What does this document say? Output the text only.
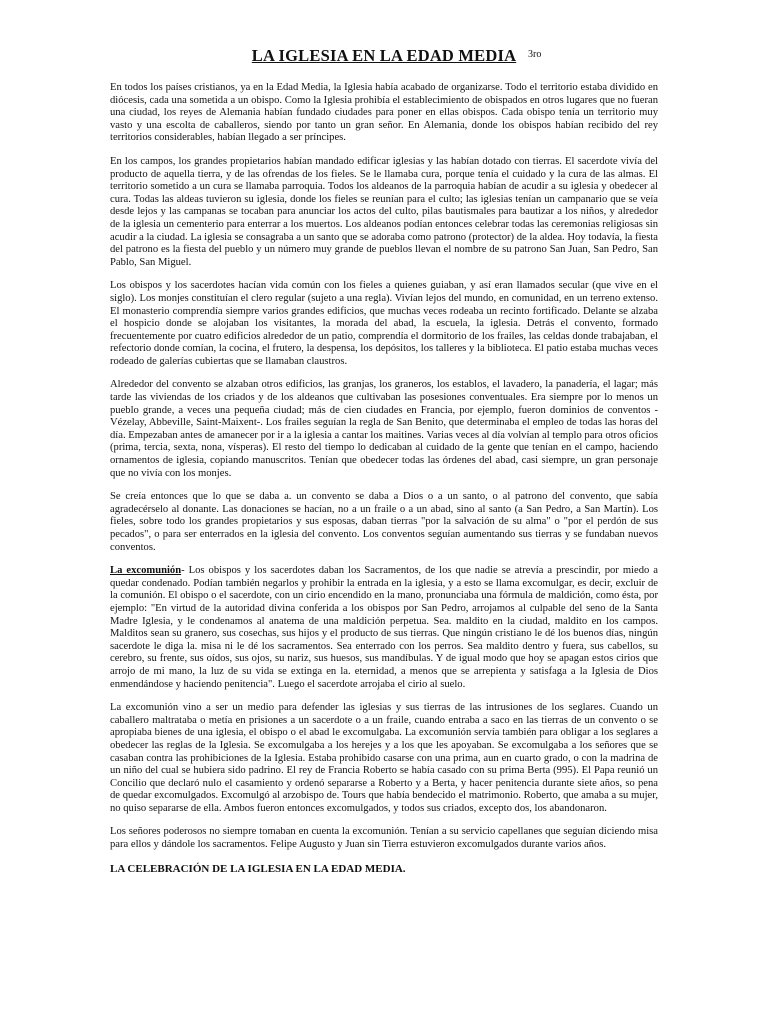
LA IGLESIA EN LA EDAD MEDIA 3ro

En todos los países cristianos, ya en la Edad Media, la Iglesia había acabado de organizarse. Todo el territorio estaba dividido en diócesis, cada una sometida a un obispo. Como la Iglesia prohibía el establecimiento de obispados en otros lugares que no fueran una ciudad, los reyes de Alemania habían fundado ciudades para poner en ellas obispos. Cada obispo tenía un territorio muy vasto y una escolta de caballeros, siendo por tanto un gran señor. En Alemania, donde los obispos habían recibido del rey territorios considerables, habían llegado a ser príncipes.

En los campos, los grandes propietarios habían mandado edificar iglesias y las habían dotado con tierras. El sacerdote vivía del producto de aquella tierra, y de las ofrendas de los fieles. Se le llamaba cura, porque tenía el cuidado y la cura de las almas. El territorio sometido a un cura se llamaba parroquia. Todos los aldeanos de la parroquia habían de acudir a su iglesia y obedecer al cura. Todas las aldeas tuvieron su iglesia, donde los fieles se reunían para el culto; las iglesias tenían un campanario que se veía desde lejos y las campanas se tocaban para anunciar los actos del culto, pilas bautismales para bautizar a los niños, y alrededor de la iglesia un cementerio para enterrar a los muertos. Los aldeanos podían entonces celebrar todas las ceremonias religiosas sin acudir a la ciudad. La iglesia se consagraba a un santo que se adoraba como patrono (protector) de la aldea. Hoy todavía, la fiesta del patrono es la fiesta del pueblo y un número muy grande de pueblos llevan el nombre de su patrono San Juan, San Pedro, San Pablo, San Miguel.

Los obispos y los sacerdotes hacían vida común con los fieles a quienes guiaban, y así eran llamados secular (que vive en el siglo). Los monjes constituían el clero regular (sujeto a una regla). Vivían lejos del mundo, en comunidad, en un terreno extenso. El monasterio comprendía siempre varios grandes edificios, que muchas veces rodeaba un recinto fortificado. Delante se alzaba el hospicio donde se alojaban los visitantes, la morada del abad, la escuela, la iglesia. Detrás el convento, formado frecuentemente por cuatro edificios alrededor de un patio, comprendía el dormitorio de los frailes, las celdas donde trabajaban, el refectorio donde comían, la cocina, el frutero, la despensa, los depósitos, los talleres y la biblioteca. El patio estaba muchas veces rodeado de galerías cubiertas que se llamaban claustros.

Alrededor del convento se alzaban otros edificios, las granjas, los graneros, los establos, el lavadero, la panadería, el lagar; más tarde las viviendas de los criados y de los aldeanos que cultivaban las posesiones conventuales. Era siempre por lo menos un pueblo grande, a veces una pequeña ciudad; más de cien ciudades en Francia, por ejemplo, fueron dominios de conventos -Vézelay, Abbeville, Saint-Maixent-. Los frailes seguían la regla de San Benito, que determinaba el empleo de todas las horas del día. Empezaban antes de amanecer por ir a la iglesia a cantar los maitines. Varias veces al día volvían al templo para otros oficios (prima, tercia, sexta, nona, vísperas). El resto del tiempo lo dedicaban al cuidado de la gente que tenían en el campo, haciendo ornamentos de iglesia, copiando manuscritos. Tenían que obedecer todas las órdenes del abad, casi siempre, un gran personaje que no vivía con los monjes.

Se creía entonces que lo que se daba a. un convento se daba a Dios o a un santo, o al patrono del convento, que sabía agradecérselo al donante. Las donaciones se hacían, no a un fraile o a un abad, sino al santo (a San Pedro, a San Martín). Los fieles, sobre todo los grandes propietarios y sus esposas, daban tierras "por la salvación de su alma" o "por el perdón de sus pecados", o para ser enterrados en la iglesia del convento. Los conventos seguían aumentando sus tierras y se fundaban nuevos conventos.

La excomunión- Los obispos y los sacerdotes daban los Sacramentos, de los que nadie se atrevía a prescindir, por miedo a quedar condenado. Podían también negarlos y prohibir la entrada en la iglesia, y a esto se llama excomulgar, es decir, excluir de la comunión. El obispo o el sacerdote, con un cirio encendido en la mano, pronunciaba una fórmula de maldición, como ésta, por ejemplo: "En virtud de la autoridad divina conferida a los obispos por San Pedro, arrojamos al culpable del seno de la Santa Madre Iglesia, y le condenamos al anatema de una maldición perpetua. Sea. maldito en la ciudad, maldito en los campos. Malditos sean su granero, sus cosechas, sus hijos y el producto de sus tierras. Que ningún cristiano le dé los buenos días, ningún sacerdote le diga la. misa ni le dé los sacramentos. Sea enterrado con los perros. Sea maldito dentro y fuera, sus cabellos, su cerebro, su frente, sus oídos, sus ojos, su nariz, sus huesos, sus mandíbulas. Y de igual modo que hoy se apagan estos cirios que arrojo de mi mano, la luz de su vida se extinga en la. eternidad, a menos que se arrepienta y satisfaga a la Iglesia de Dios enmendándose y haciendo penitencia". Luego el sacerdote arrojaba el cirio al suelo.

La excomunión vino a ser un medio para defender las iglesias y sus tierras de las intrusiones de los seglares. Cuando un caballero maltrataba o metía en prisiones a un sacerdote o a un fraile, cuando entraba a saco en las tierras de un convento o se apropiaba bienes de una iglesia, el obispo o el abad le excomulgaba. La excomunión servía también para obligar a los seglares a obedecer las reglas de la Iglesia. Se excomulgaba a los herejes y a los que les apoyaban. Se excomulgaba a los señores que se casaban contra las prohibiciones de la Iglesia. Estaba prohibido casarse con una prima, aun en cuarto grado, o con la madrina de un niño del cual se hubiera sido padrino. El rey de Francia Roberto se había casado con su prima Berta (995). El Papa reunió un Concilio que declaró nulo el casamiento y ordenó separarse a Roberto y a Berta, y hacer penitencia durante siete años, so pena de quedar excomulgados. Excomulgó al arzobispo de. Tours que había bendecido el matrimonio. Roberto, que amaba a su mujer, no quiso separarse de ella. Ambos fueron entonces excomulgados, y todos sus criados, excepto dos, los abandonaron.

Los señores poderosos no siempre tomaban en cuenta la excomunión. Tenían a su servicio capellanes que seguían diciendo misa para ellos y dándole los sacramentos. Felipe Augusto y Juan sin Tierra estuvieron excomulgados durante varios años.

LA CELEBRACIÓN DE LA IGLESIA EN LA EDAD MEDIA.
